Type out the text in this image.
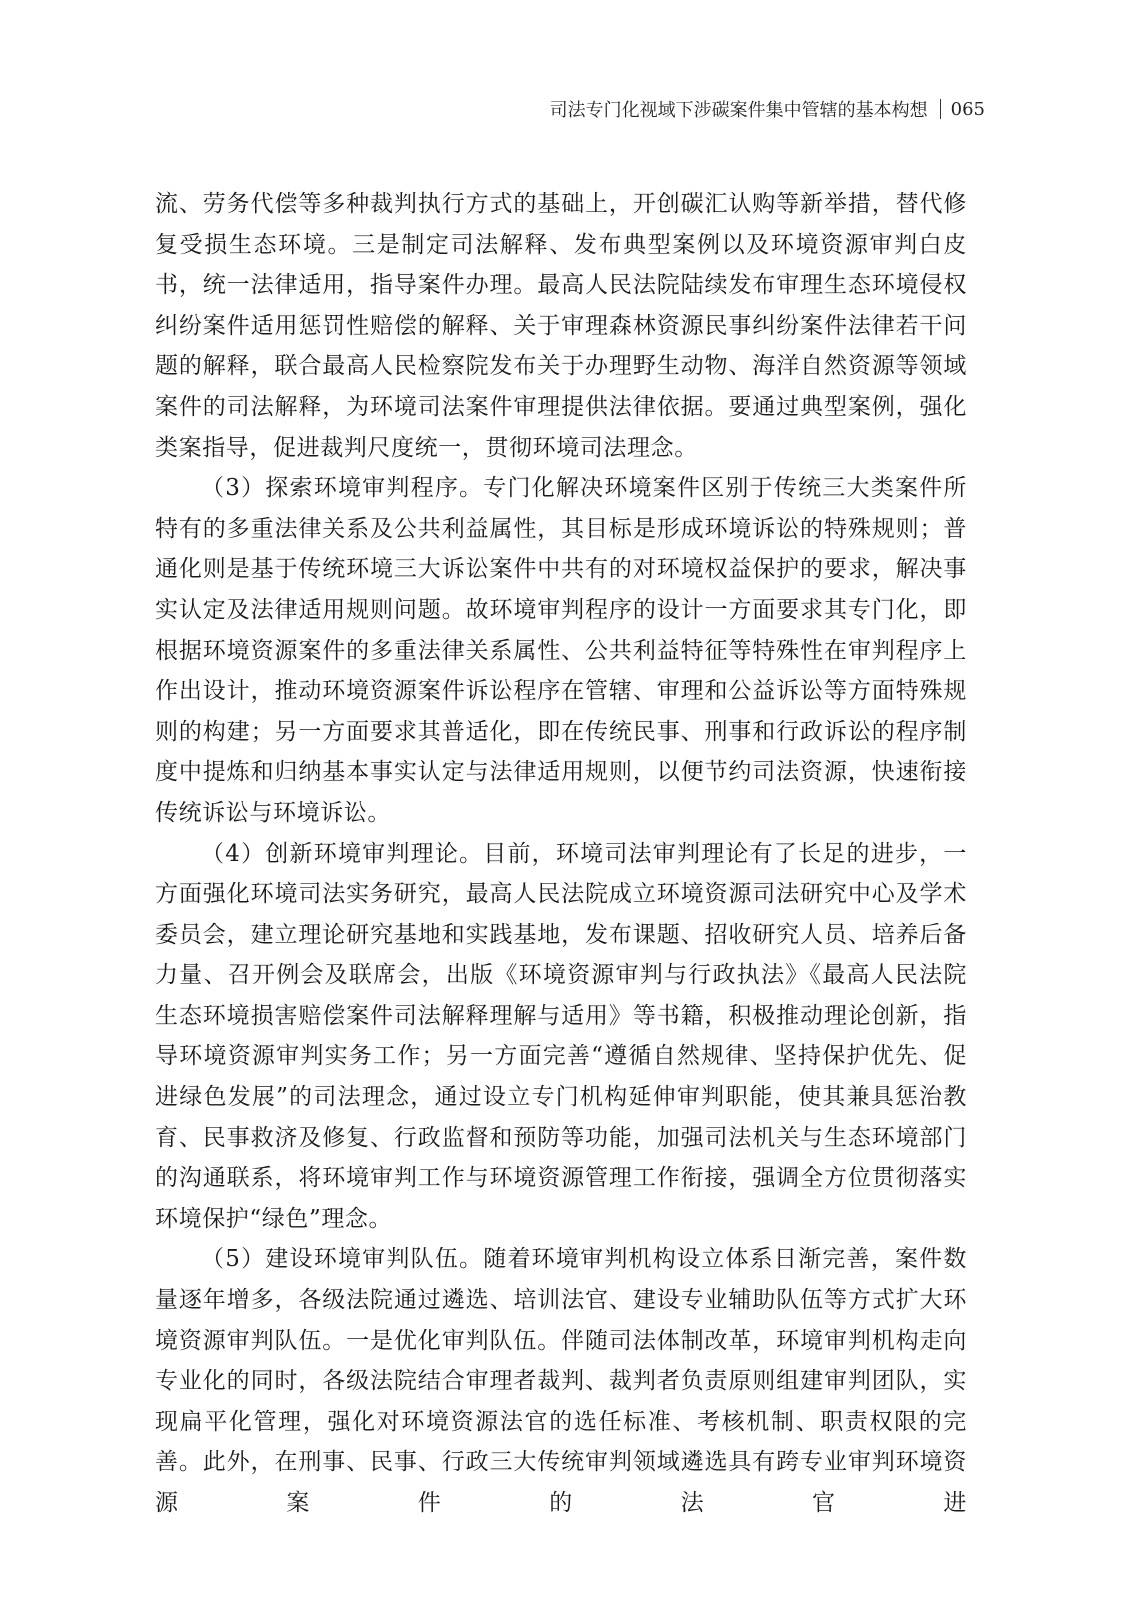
司法专门化视域下涉碳案件集中管辖的基本构想 065

流、劳务代偿等多种裁判执行方式的基础上，开创碳汇认购等新举措，替代修复受损生态环境。三是制定司法解释、发布典型案例以及环境资源审判白皮书，统一法律适用，指导案件办理。最高人民法院陆续发布审理生态环境侵权纠纷案件适用惩罚性赔偿的解释、关于审理森林资源民事纠纷案件法律若干问题的解释，联合最高人民检察院发布关于办理野生动物、海洋自然资源等领域案件的司法解释，为环境司法案件审理提供法律依据。要通过典型案例，强化类案指导，促进裁判尺度统一，贯彻环境司法理念。

（3）探索环境审判程序。专门化解决环境案件区别于传统三大类案件所特有的多重法律关系及公共利益属性，其目标是形成环境诉讼的特殊规则；普通化则是基于传统环境三大诉讼案件中共有的对环境权益保护的要求，解决事实认定及法律适用规则问题。故环境审判程序的设计一方面要求其专门化，即根据环境资源案件的多重法律关系属性、公共利益特征等特殊性在审判程序上作出设计，推动环境资源案件诉讼程序在管辖、审理和公益诉讼等方面特殊规则的构建；另一方面要求其普适化，即在传统民事、刑事和行政诉讼的程序制度中提炼和归纳基本事实认定与法律适用规则，以便节约司法资源，快速衔接传统诉讼与环境诉讼。

（4）创新环境审判理论。目前，环境司法审判理论有了长足的进步，一方面强化环境司法实务研究，最高人民法院成立环境资源司法研究中心及学术委员会，建立理论研究基地和实践基地，发布课题、招收研究人员、培养后备力量、召开例会及联席会，出版《环境资源审判与行政执法》《最高人民法院生态环境损害赔偿案件司法解释理解与适用》等书籍，积极推动理论创新，指导环境资源审判实务工作；另一方面完善“遵循自然规律、坚持保护优先、促进绿色发展”的司法理念，通过设立专门机构延伸审判职能，使其兼具惩治教育、民事救济及修复、行政监督和预防等功能，加强司法机关与生态环境部门的沟通联系，将环境审判工作与环境资源管理工作衔接，强调全方位贯彻落实环境保护“绿色”理念。

（5）建设环境审判队伍。随着环境审判机构设立体系日渐完善，案件数量逐年增多，各级法院通过遴选、培训法官、建设专业辅助队伍等方式扩大环境资源审判队伍。一是优化审判队伍。伴随司法体制改革，环境审判机构走向专业化的同时，各级法院结合审理者裁判、裁判者负责原则组建审判团队，实现扁平化管理，强化对环境资源法官的选任标准、考核机制、职责权限的完善。此外，在刑事、民事、行政三大传统审判领域遴选具有跨专业审判环境资源案件的法官进
